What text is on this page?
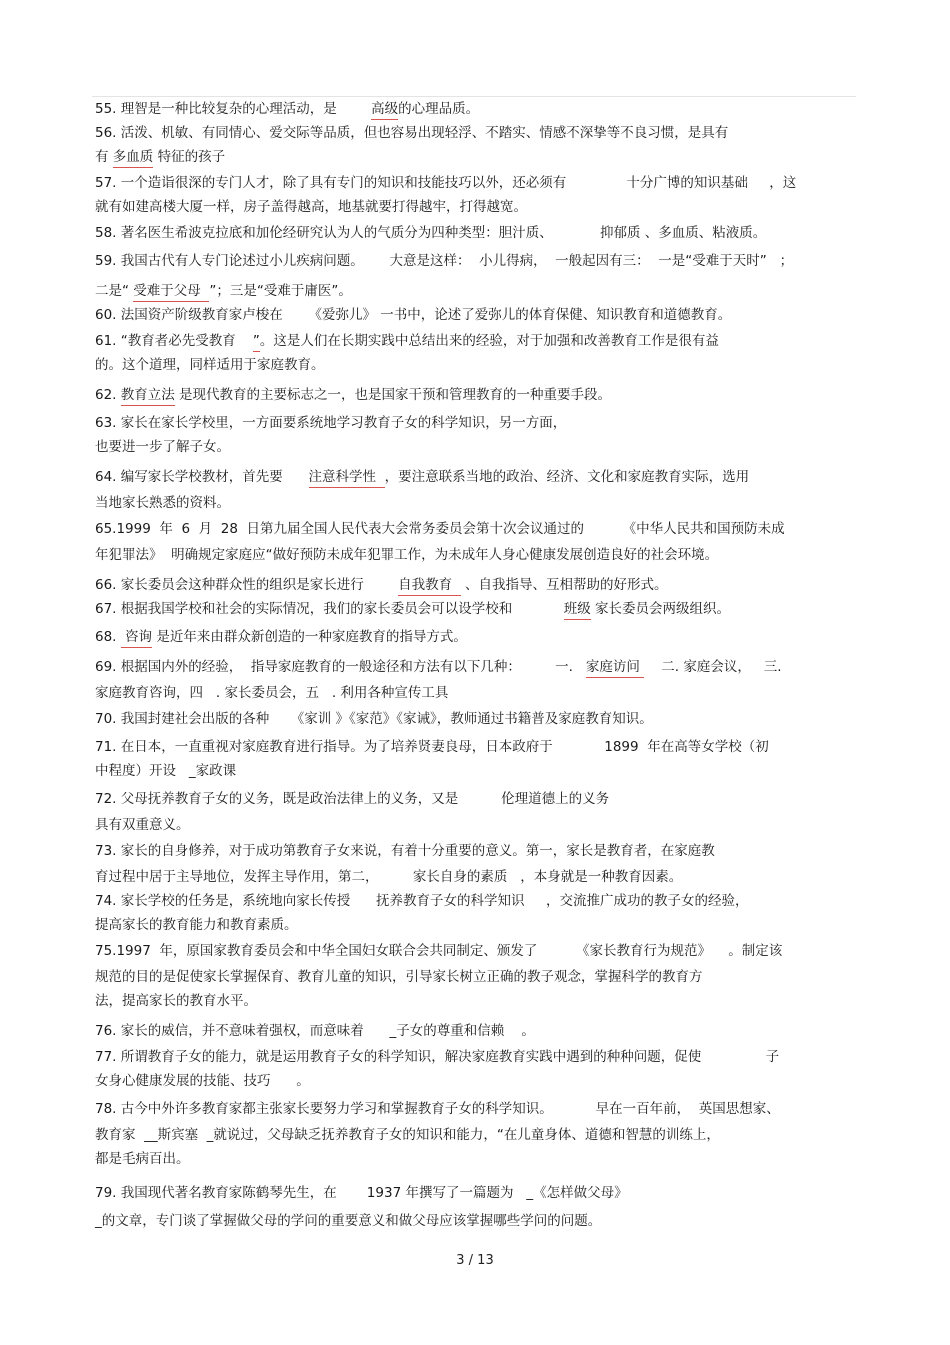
55. 理智是一种比较复杂的心理活动，是        高级的心理品质。
56. 活泼、机敏、有同情心、爱交际等品质，但也容易出现轻浮、不踏实、情感不深挚等不良习惯，是具有
有 多血质 特征的孩子
57. 一个造诣很深的专门人才，除了具有专门的知识和技能技巧以外，还必须有              十分广博的知识基础     ，这
就有如建高楼大厦一样，房子盖得越高，地基就要打得越牢，打得越宽。
58. 著名医生希波克拉底和加伦经研究认为人的气质分为四种类型：胆汁质、           抑郁质 、多血质、粘液质。
59. 我国古代有人专门论述过小儿疾病问题。      大意是这样：  小儿得病，  一般起因有三：  一是“受难于天时”   ；
二是“ 受难于父母  ”；三是“受难于庸医”。
60. 法国资产阶级教育家卢梭在      《爱弥儿》 一书中，论述了爱弥儿的体育保健、知识教育和道德教育。
61. “教育者必先受教育    ”。这是人们在长期实践中总结出来的经验，对于加强和改善教育工作是很有益
的。这个道理，同样适用于家庭教育。
62. 教育立法 是现代教育的主要标志之一，也是国家干预和管理教育的一种重要手段。
63. 家长在家长学校里，一方面要系统地学习教育子女的科学知识，另一方面，
也要进一步了解子女。
64. 编写家长学校教材，首先要      注意科学性  ，要注意联系当地的政治、经济、文化和家庭教育实际，选用
当地家长熟悉的资料。
65.1999  年  6  月  28  日第九届全国人民代表大会常务委员会第十次会议通过的         《中华人民共和国预防未成
年犯罪法》  明确规定家庭应“做好预防未成年犯罪工作，为未成年人身心健康发展创造良好的社会环境。
66. 家长委员会这种群众性的组织是家长进行        自我教育   、自我指导、互相帮助的好形式。
67. 根据我国学校和社会的实际情况，我们的家长委员会可以设学校和            班级 家长委员会两级组织。
68.  咨询 是近年来由群众新创造的一种家庭教育的指导方式。
69. 根据国内外的经验，  指导家庭教育的一般途径和方法有以下几种：        一.   家庭访问     二. 家庭会议，   三.
家庭教育咨询，四   . 家长委员会，五   . 利用各种宣传工具
70. 我国封建社会出版的各种     《家训 》《家范》《家诫》，教师通过书籍普及家庭教育知识。
71. 在日本，一直重视对家庭教育进行指导。为了培养贤妻良母，日本政府于            1899  年在高等女学校（初
中程度）开设   _家政课
72. 父母抚养教育子女的义务，既是政治法律上的义务，又是          伦理道德上的义务
具有双重意义。
73. 家长的自身修养，对于成功第教育子女来说，有着十分重要的意义。第一，家长是教育者，在家庭教
育过程中居于主导地位，发挥主导作用，第二，        家长自身的素质   ，本身就是一种教育因素。
74. 家长学校的任务是，系统地向家长传授      抚养教育子女的科学知识     ，交流推广成功的教子女的经验，
提高家长的教育能力和教育素质。
75.1997  年，原国家教育委员会和中华全国妇女联合会共同制定、颁发了         《家长教育行为规范》    。制定该
规范的目的是促使家长掌握保育、教育儿童的知识，引导家长树立正确的教子观念，掌握科学的教育方
法，提高家长的教育水平。
76. 家长的威信，并不意味着强权，而意味着      _子女的尊重和信赖    。
77. 所谓教育子女的能力，就是运用教育子女的科学知识，解决家庭教育实践中遇到的种种问题，促使               子
女身心健康发展的技能、技巧      。
78. 古今中外许多教育家都主张家长要努力学习和掌握教育子女的科学知识。          早在一百年前，  英国思想家、
教育家  __斯宾塞  _就说过，父母缺乏抚养教育子女的知识和能力，“在儿童身体、道德和智慧的训练上，
都是毛病百出。
79. 我国现代著名教育家陈鹤琴先生，在       1937 年撰写了一篇题为   _《怎样做父母》
_的文章，专门谈了掌握做父母的学问的重要意义和做父母应该掌握哪些学问的问题。
3 / 13
